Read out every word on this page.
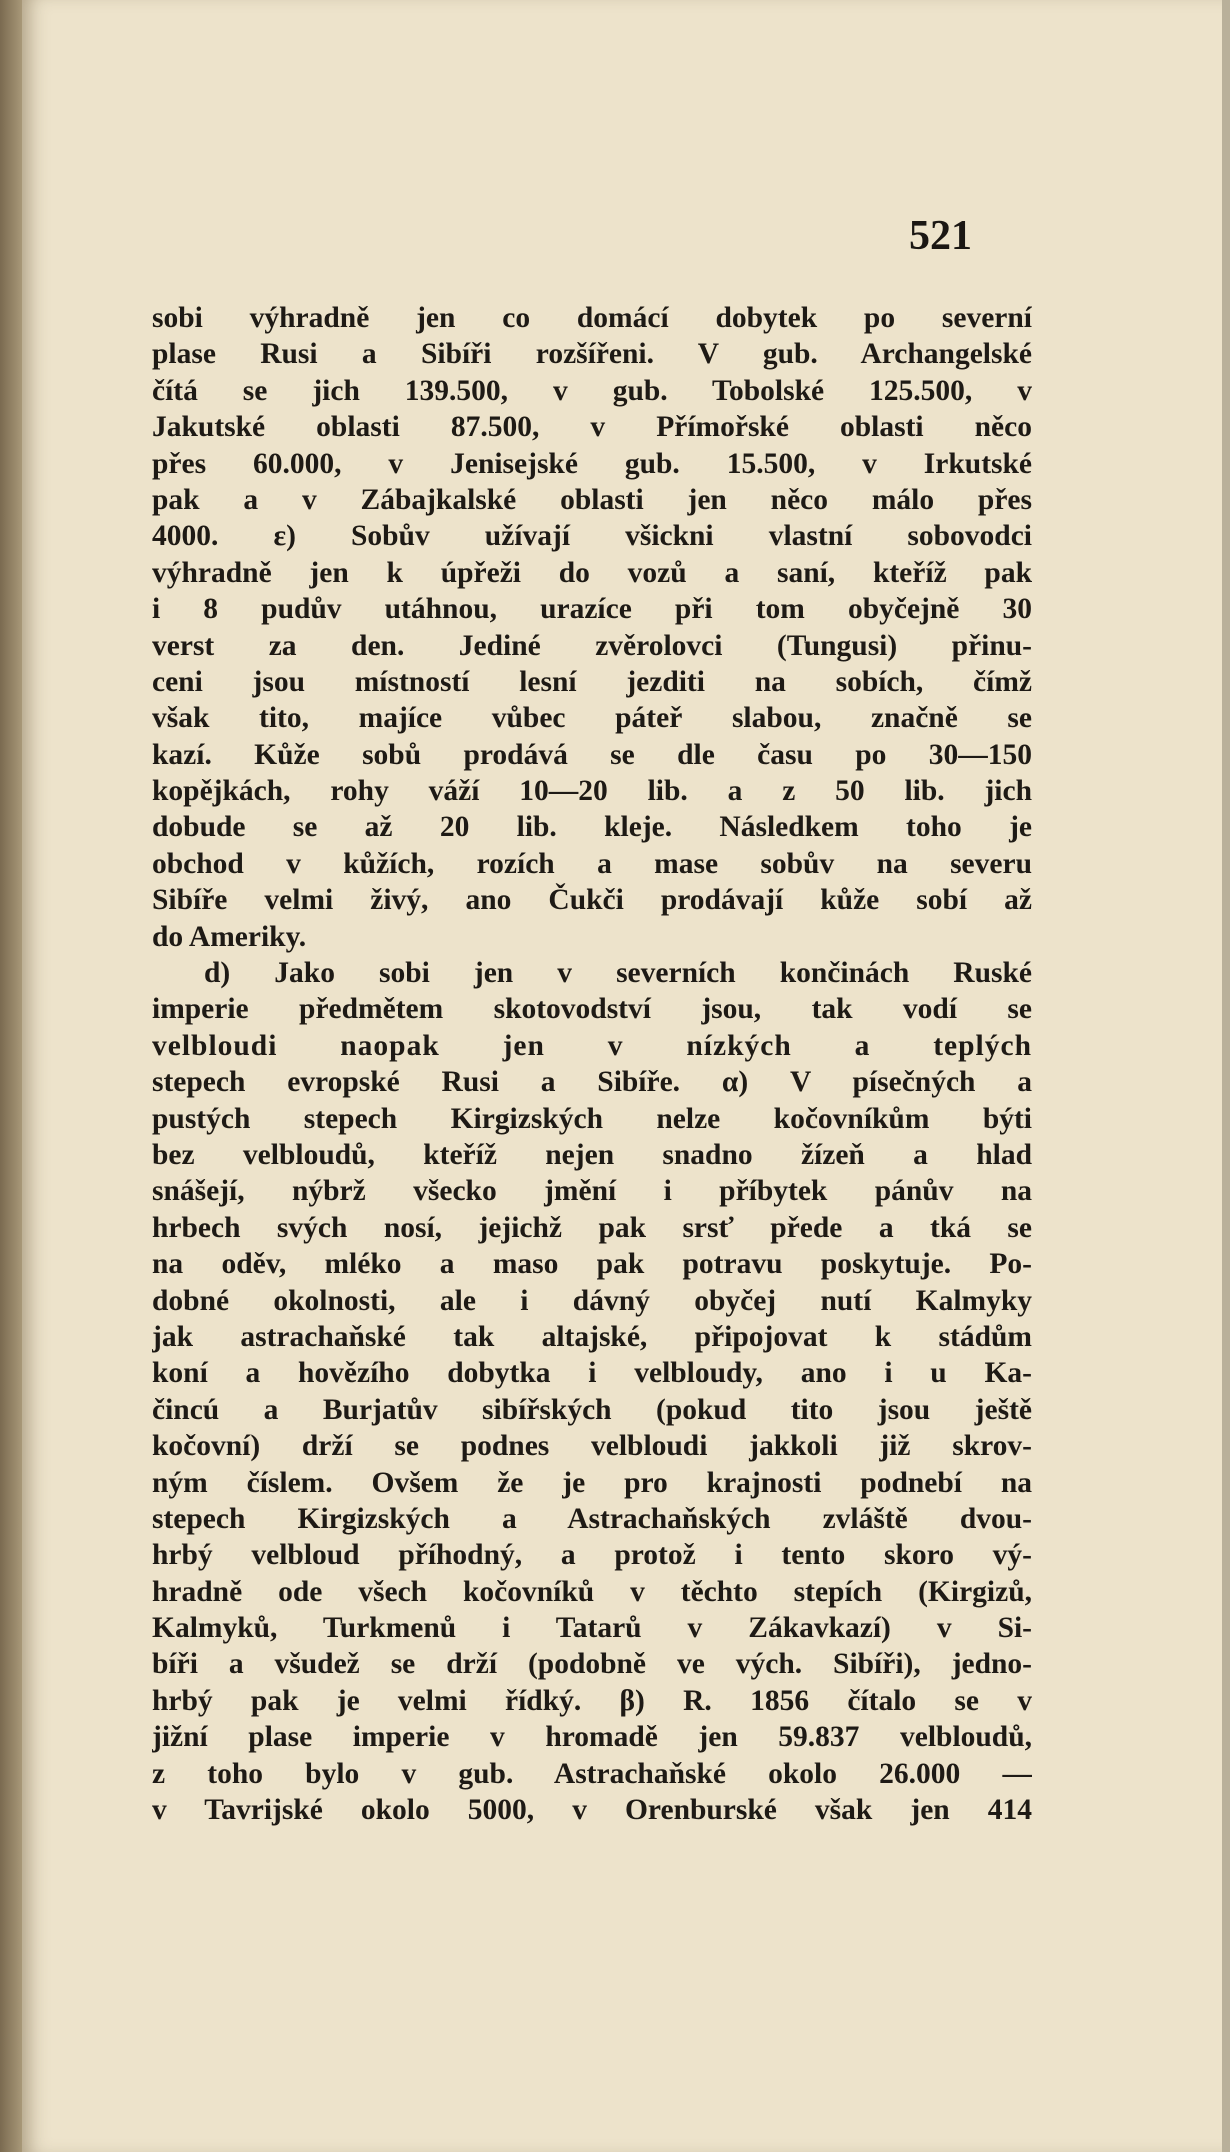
521
sobi výhradně jen co domácí dobytek po severní
plase Rusi a Sibíři rozšířeni. V gub. Archangelské
čítá se jich 139.500, v gub. Tobolské 125.500, v
Jakutské oblasti 87.500, v Přímořské oblasti něco
přes 60.000, v Jenisejské gub. 15.500, v Irkutské
pak a v Zábajkalské oblasti jen něco málo přes
4000. ε) Sobův užívají všickni vlastní sobovodci
výhradně jen k úpřeži do vozů a saní, kteříž pak
i 8 pudův utáhnou, urazíce při tom obyčejně 30
verst za den. Jediné zvěrolovci (Tungusi) přinu-
ceni jsou místností lesní jezditi na sobích, čímž
však tito, majíce vůbec páteř slabou, značně se
kazí. Kůže sobů prodává se dle času po 30—150
kopějkách, rohy váží 10—20 lib. a z 50 lib. jich
dobude se až 20 lib. kleje. Následkem toho je
obchod v kůžích, rozích a mase sobův na severu
Sibíře velmi živý, ano Čukči prodávají kůže sobí až
do Ameriky.
d) Jako sobi jen v severních končinách Ruské
imperie předmětem skotovodství jsou, tak vodí se
velbloudi naopak jen v nízkých a teplých
stepech evropské Rusi a Sibíře. α) V písečných a
pustých stepech Kirgizských nelze kočovníkům býti
bez velbloudů, kteříž nejen snadno žízeň a hlad
snášejí, nýbrž všecko jmění i příbytek pánův na
hrbech svých nosí, jejichž pak srsť přede a tká se
na oděv, mléko a maso pak potravu poskytuje. Po-
dobné okolnosti, ale i dávný obyčej nutí Kalmyky
jak astrachaňské tak altajské, připojovat k stádům
koní a hovězího dobytka i velbloudy, ano i u Ka-
čincú a Burjatův sibířských (pokud tito jsou ještě
kočovní) drží se podnes velbloudi jakkoli již skrov-
ným číslem. Ovšem že je pro krajnosti podnebí na
stepech Kirgizských a Astrachaňských zvláště dvou-
hrbý velbloud příhodný, a protož i tento skoro vý-
hradně ode všech kočovníků v těchto stepích (Kirgizů,
Kalmyků, Turkmenů i Tatarů v Zákavkazí) v Si-
bíři a všudež se drží (podobně ve vých. Sibíři), jedno-
hrbý pak je velmi řídký. β) R. 1856 čítalo se v
jižní plase imperie v hromadě jen 59.837 velbloudů,
z toho bylo v gub. Astrachaňské okolo 26.000 —
v Tavrijské okolo 5000, v Orenburské však jen 414
